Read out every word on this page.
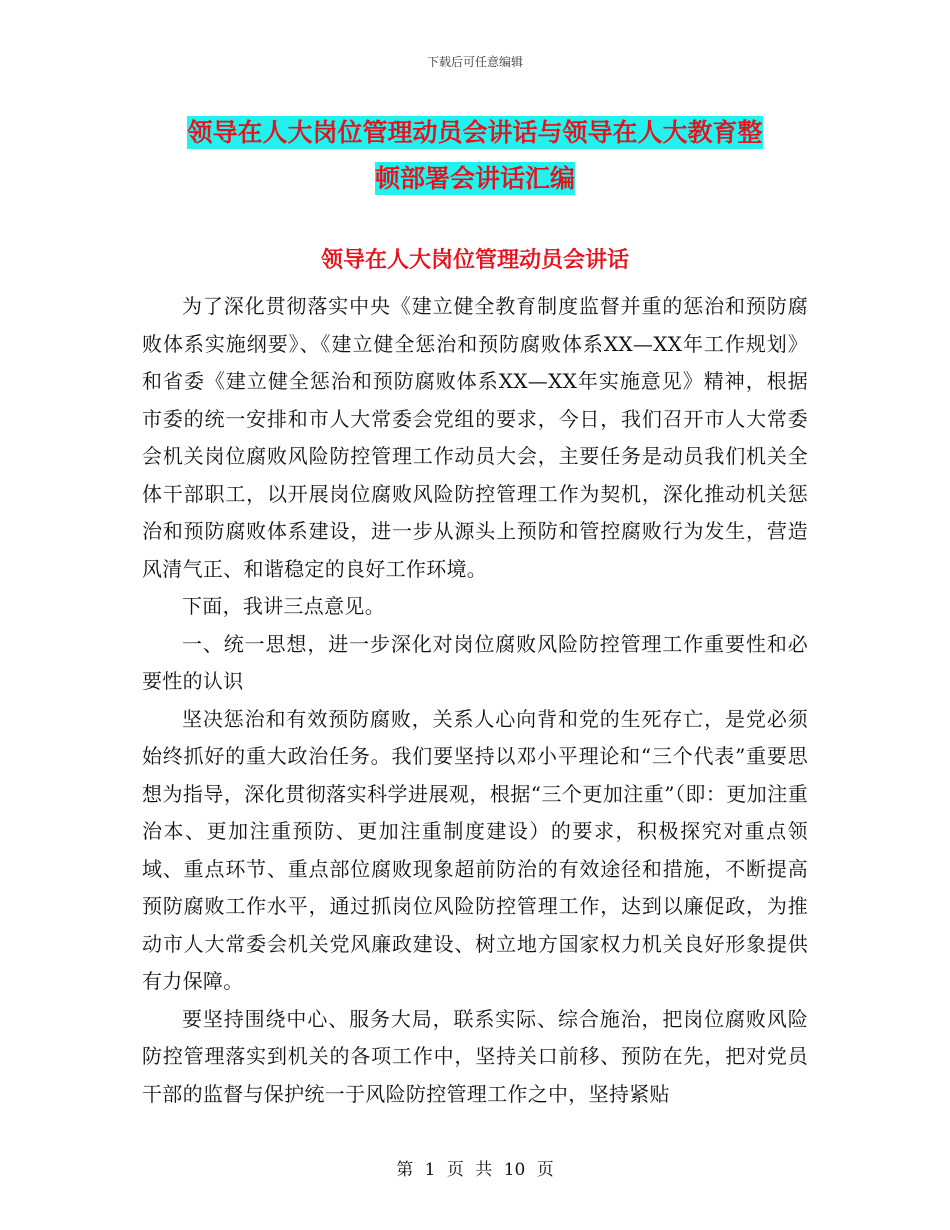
下载后可任意编辑
领导在人大岗位管理动员会讲话与领导在人大教育整
顿部署会讲话汇编
领导在人大岗位管理动员会讲话

为了深化贯彻落实中央《建立健全教育制度监督并重的惩治和预防腐败体系实施纲要》、《建立健全惩治和预防腐败体系XX—XX年工作规划》和省委《建立健全惩治和预防腐败体系XX—XX年实施意见》精神，根据市委的统一安排和市人大常委会党组的要求，今日，我们召开市人大常委会机关岗位腐败风险防控管理工作动员大会，主要任务是动员我们机关全体干部职工，以开展岗位腐败风险防控管理工作为契机，深化推动机关惩治和预防腐败体系建设，进一步从源头上预防和管控腐败行为发生，营造风清气正、和谐稳定的良好工作环境。

下面，我讲三点意见。

一、统一思想，进一步深化对岗位腐败风险防控管理工作重要性和必要性的认识

坚决惩治和有效预防腐败，关系人心向背和党的生死存亡，是党必须始终抓好的重大政治任务。我们要坚持以邓小平理论和“三个代表”重要思想为指导，深化贯彻落实科学进展观，根据“三个更加注重”（即：更加注重治本、更加注重预防、更加注重制度建设）的要求，积极探究对重点领域、重点环节、重点部位腐败现象超前防治的有效途径和措施，不断提高预防腐败工作水平，通过抓岗位风险防控管理工作，达到以廉促政，为推动市人大常委会机关党风廉政建设、树立地方国家权力机关良好形象提供有力保障。

要坚持围绕中心、服务大局，联系实际、综合施治，把岗位腐败风险防控管理落实到机关的各项工作中，坚持关口前移、预防在先，把对党员干部的监督与保护统一于风险防控管理工作之中，坚持紧贴

第 1 页 共 10 页
